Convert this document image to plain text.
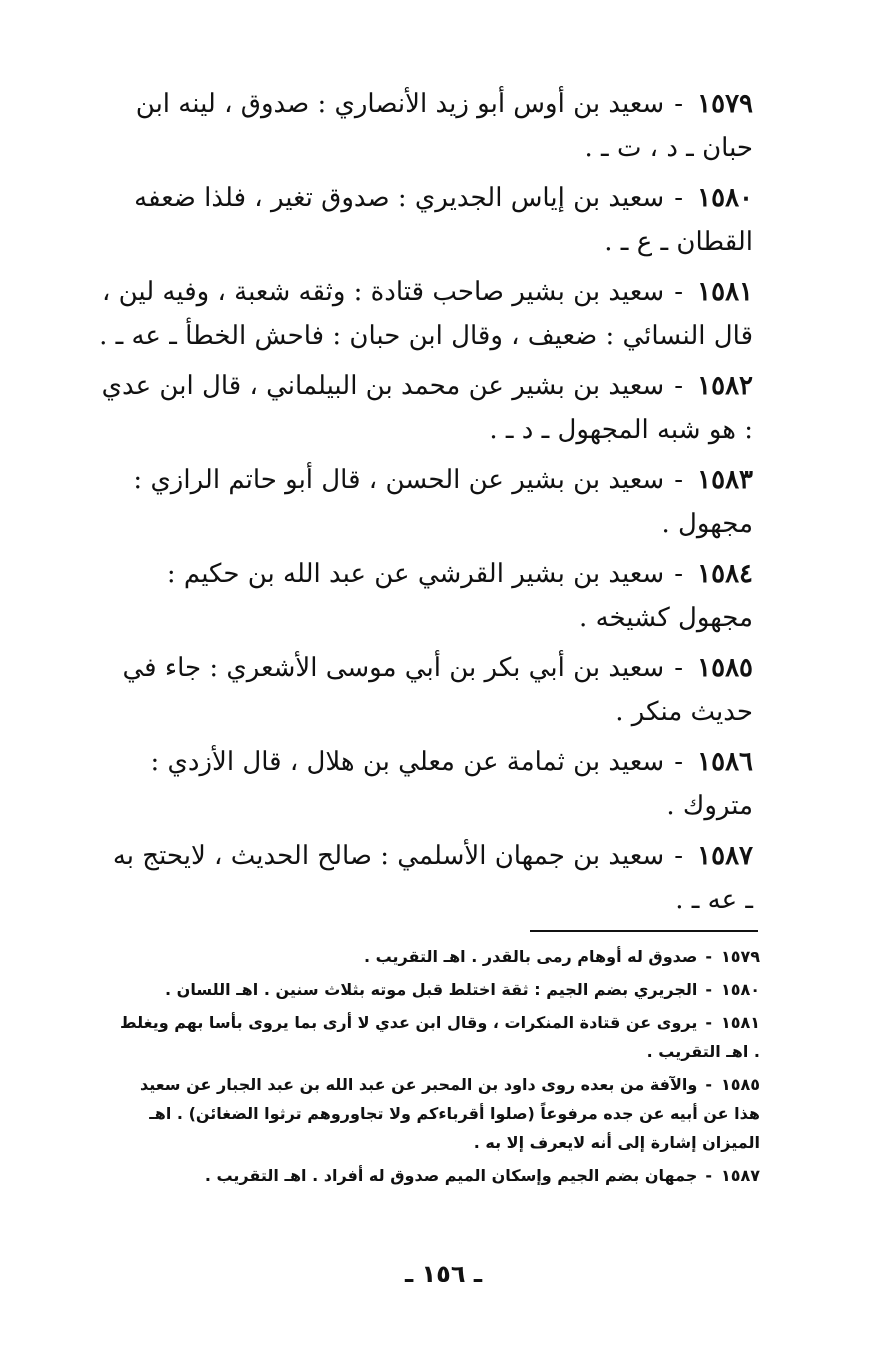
١٥٧٩-سعيد بن أوس أبو زيد الأنصاري : صدوق ، لينه ابن حبان ـ د ، ت ـ .
١٥٨٠-سعيد بن إياس الجديري : صدوق تغير ، فلذا ضعفه القطان ـ ع ـ .
١٥٨١-سعيد بن بشير صاحب قتادة : وثقه شعبة ، وفيه لين ، قال النسائي : ضعيف ، وقال ابن حبان : فاحش الخطأ ـ عه ـ .
١٥٨٢-سعيد بن بشير عن محمد بن البيلماني ، قال ابن عدي : هو شبه المجهول ـ د ـ .
١٥٨٣-سعيد بن بشير عن الحسن ، قال أبو حاتم الرازي : مجهول .
١٥٨٤-سعيد بن بشير القرشي عن عبد الله بن حكيم : مجهول كشيخه .
١٥٨٥-سعيد بن أبي بكر بن أبي موسى الأشعري : جاء في حديث منكر .
١٥٨٦-سعيد بن ثمامة عن معلي بن هلال ، قال الأزدي : متروك .
١٥٨٧-سعيد بن جمهان الأسلمي : صالح الحديث ، لايحتج به ـ عه ـ .
١٥٧٩-صدوق له أوهام رمى بالقدر . اهـ التقريب .
١٥٨٠-الجريري بضم الجيم : ثقة اختلط قبل موته بثلاث سنين . اهـ اللسان .
١٥٨١-يروى عن قتادة المنكرات ، وقال ابن عدي لا أرى بما يروى بأسا بهم ويغلط . اهـ التقريب .
١٥٨٥-والآفة من بعده روى داود بن المحبر عن عبد الله بن عبد الجبار عن سعيد هذا عن أبيه عن جده مرفوعاً (صلوا أقرباءكم ولا تجاوروهم ترثوا الضغائن) . اهـ الميزان إشارة إلى أنه لايعرف إلا به .
١٥٨٧-جمهان بضم الجيم وإسكان الميم صدوق له أفراد . اهـ التقريب .
ـ ١٥٦ ـ
